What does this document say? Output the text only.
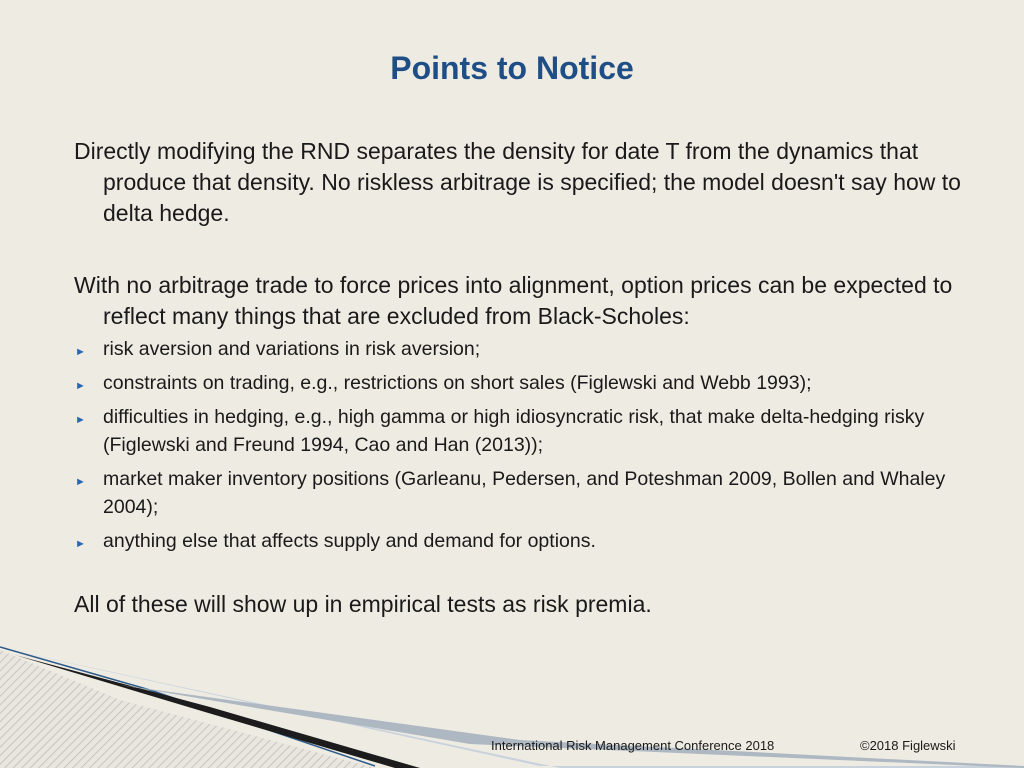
Points to Notice

Directly modifying the RND separates the density for date T from the dynamics that produce that density. No riskless arbitrage is specified; the model doesn't say how to delta hedge.

With no arbitrage trade to force prices into alignment, option prices can be expected to reflect many things that are excluded from Black-Scholes:

► risk aversion and variations in risk aversion;
► constraints on trading, e.g., restrictions on short sales (Figlewski and Webb 1993);
► difficulties in hedging, e.g., high gamma or high idiosyncratic risk, that make delta-hedging risky (Figlewski and Freund 1994, Cao and Han (2013));
► market maker inventory positions (Garleanu, Pedersen, and Poteshman 2009, Bollen and Whaley 2004);
► anything else that affects supply and demand for options.

All of these will show up in empirical tests as risk premia.

International Risk Management Conference 2018	©2018 Figlewski
